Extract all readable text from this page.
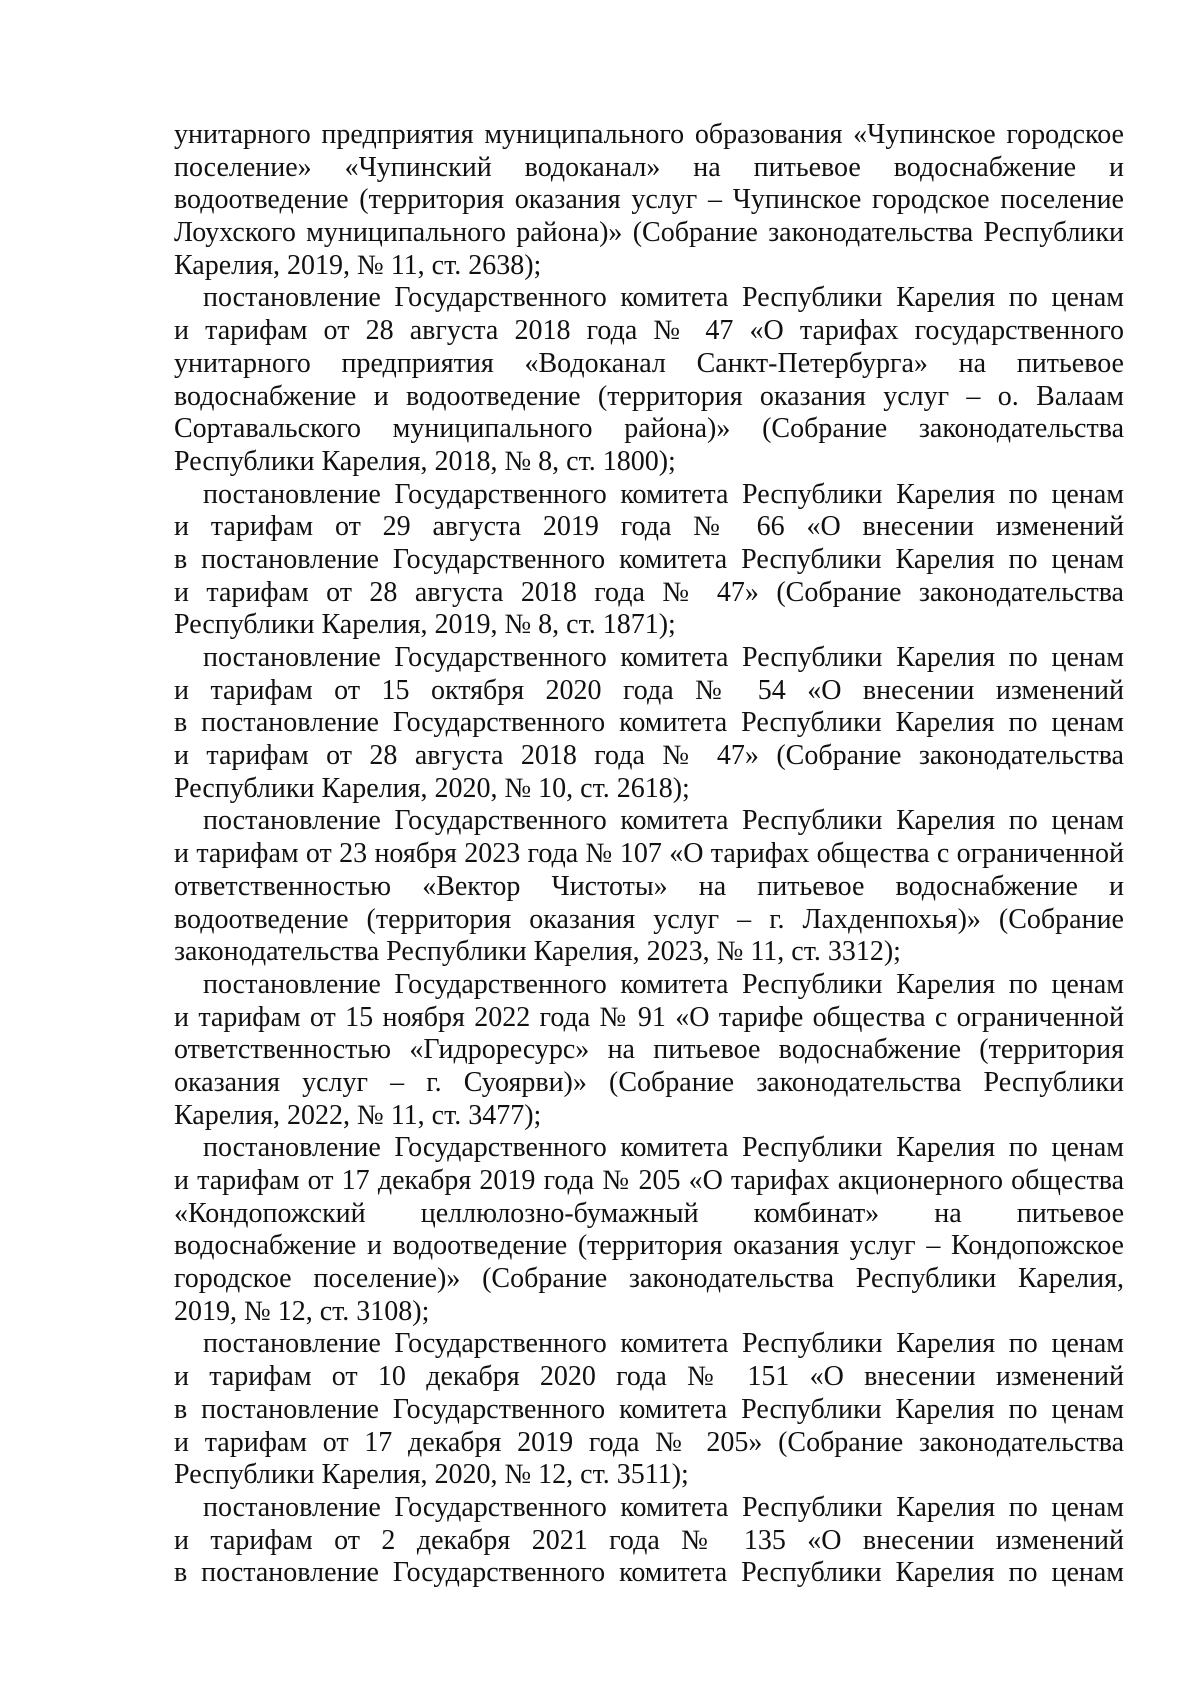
унитарного предприятия муниципального образования «Чупинское городское
поселение» «Чупинский водоканал» на питьевое водоснабжение и
водоотведение (территория оказания услуг – Чупинское городское поселение
Лоухского муниципального района)» (Собрание законодательства Республики
Карелия, 2019, № 11, ст. 2638);
постановление Государственного комитета Республики Карелия по ценам
и тарифам от 28 августа 2018 года № 47 «О тарифах государственного
унитарного предприятия «Водоканал Санкт-Петербурга» на питьевое
водоснабжение и водоотведение (территория оказания услуг – о. Валаам
Сортавальского муниципального района)» (Собрание законодательства
Республики Карелия, 2018, № 8, ст. 1800);
постановление Государственного комитета Республики Карелия по ценам
и тарифам от 29 августа 2019 года № 66 «О внесении изменений
в постановление Государственного комитета Республики Карелия по ценам
и тарифам от 28 августа 2018 года № 47» (Собрание законодательства
Республики Карелия, 2019, № 8, ст. 1871);
постановление Государственного комитета Республики Карелия по ценам
и тарифам от 15 октября 2020 года № 54 «О внесении изменений
в постановление Государственного комитета Республики Карелия по ценам
и тарифам от 28 августа 2018 года № 47» (Собрание законодательства
Республики Карелия, 2020, № 10, ст. 2618);
постановление Государственного комитета Республики Карелия по ценам
и тарифам от 23 ноября 2023 года № 107 «О тарифах общества с ограниченной
ответственностью «Вектор Чистоты» на питьевое водоснабжение и
водоотведение (территория оказания услуг – г. Лахденпохья)» (Собрание
законодательства Республики Карелия, 2023, № 11, ст. 3312);
постановление Государственного комитета Республики Карелия по ценам
и тарифам от 15 ноября 2022 года № 91 «О тарифе общества с ограниченной
ответственностью «Гидроресурс» на питьевое водоснабжение (территория
оказания услуг – г. Суоярви)» (Собрание законодательства Республики
Карелия, 2022, № 11, ст. 3477);
постановление Государственного комитета Республики Карелия по ценам
и тарифам от 17 декабря 2019 года № 205 «О тарифах акционерного общества
«Кондопожский целлюлозно-бумажный комбинат» на питьевое
водоснабжение и водоотведение (территория оказания услуг – Кондопожское
городское поселение)» (Собрание законодательства Республики Карелия,
2019, № 12, ст. 3108);
постановление Государственного комитета Республики Карелия по ценам
и тарифам от 10 декабря 2020 года № 151 «О внесении изменений
в постановление Государственного комитета Республики Карелия по ценам
и тарифам от 17 декабря 2019 года № 205» (Собрание законодательства
Республики Карелия, 2020, № 12, ст. 3511);
постановление Государственного комитета Республики Карелия по ценам
и тарифам от 2 декабря 2021 года № 135 «О внесении изменений
в постановление Государственного комитета Республики Карелия по ценам
